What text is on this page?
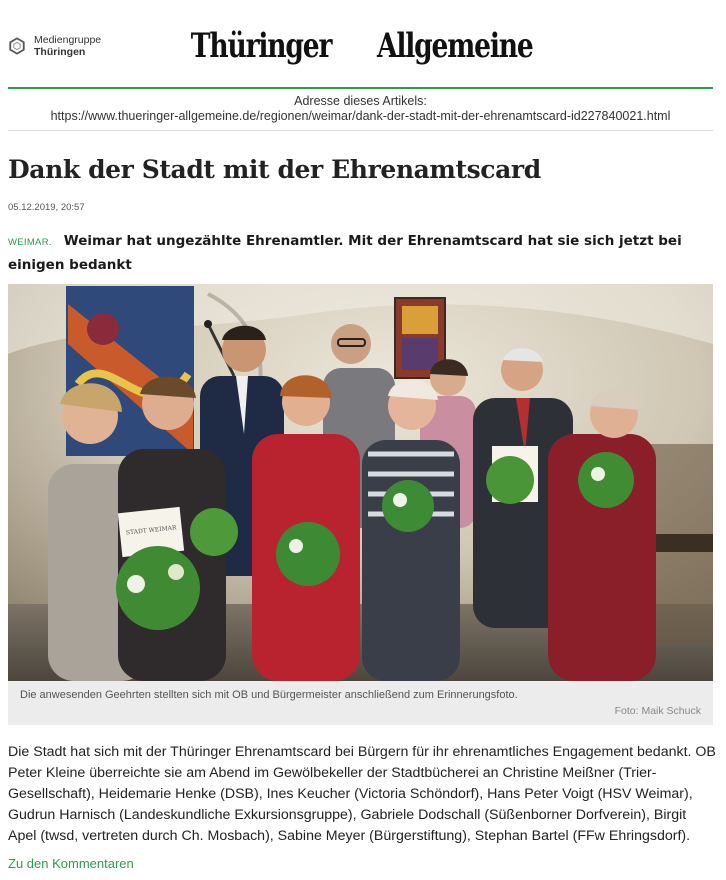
Mediengruppe
Thüringen	Thüringer Allgemeine
Adresse dieses Artikels:
https://www.thueringer-allgemeine.de/regionen/weimar/dank-der-stadt-mit-der-ehrenamtscard-id227840021.html
Dank der Stadt mit der Ehrenamtscard
05.12.2019, 20:57
WEIMAR. Weimar hat ungezählte Ehrenamtler. Mit der Ehrenamtscard hat sie sich jetzt bei einigen bedankt
STADT WEIMAR
Die anwesenden Geehrten stellten sich mit OB und Bürgermeister anschließend zum Erinnerungsfoto.
Foto: Maik Schuck
Die Stadt hat sich mit der Thüringer Ehrenamtscard bei Bürgern für ihr ehrenamtliches Engagement bedankt. OB Peter Kleine überreichte sie am Abend im Gewölbekeller der Stadtbücherei an Christine Meißner (Trier-Gesellschaft), Heidemarie Henke (DSB), Ines Keucher (Victoria Schöndorf), Hans Peter Voigt (HSV Weimar), Gudrun Harnisch (Landeskundliche Exkursionsgruppe), Gabriele Dodschall (Süßenborner Dorfverein), Birgit Apel (twsd, vertreten durch Ch. Mosbach), Sabine Meyer (Bürgerstiftung), Stephan Bartel (FFw Ehringsdorf).
Zu den Kommentaren
